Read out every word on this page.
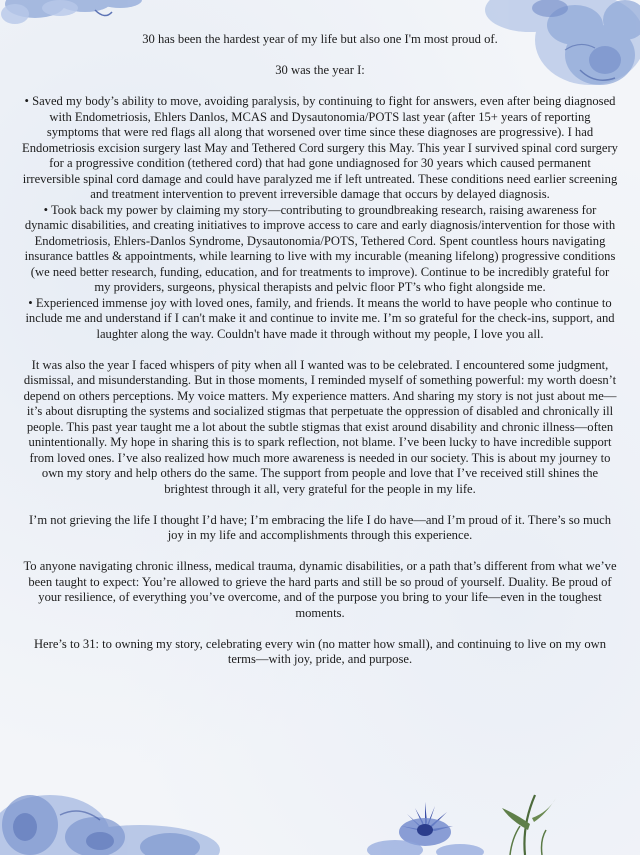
30 has been the hardest year of my life but also one I'm most proud of.

30 was the year I:

• Saved my body’s ability to move, avoiding paralysis, by continuing to fight for answers, even after being diagnosed with Endometriosis, Ehlers Danlos, MCAS and Dysautonomia/POTS last year (after 15+ years of reporting symptoms that were red flags all along that worsened over time since these diagnoses are progressive). I had Endometriosis excision surgery last May and Tethered Cord surgery this May. This year I survived spinal cord surgery for a progressive condition (tethered cord) that had gone undiagnosed for 30 years which caused permanent irreversible spinal cord damage and could have paralyzed me if left untreated. These conditions need earlier screening and treatment intervention to prevent irreversible damage that occurs by delayed diagnosis.

• Took back my power by claiming my story—contributing to groundbreaking research, raising awareness for dynamic disabilities, and creating initiatives to improve access to care and early diagnosis/intervention for those with Endometriosis, Ehlers-Danlos Syndrome, Dysautonomia/POTS, Tethered Cord. Spent countless hours navigating insurance battles & appointments, while learning to live with my incurable (meaning lifelong) progressive conditions (we need better research, funding, education, and for treatments to improve). Continue to be incredibly grateful for my providers, surgeons, physical therapists and pelvic floor PT’s who fight alongside me.

• Experienced immense joy with loved ones, family, and friends. It means the world to have people who continue to include me and understand if I can't make it and continue to invite me. I’m so grateful for the check-ins, support, and laughter along the way. Couldn't have made it through without my people, I love you all.

It was also the year I faced whispers of pity when all I wanted was to be celebrated. I encountered some judgment, dismissal, and misunderstanding. But in those moments, I reminded myself of something powerful: my worth doesn’t depend on others perceptions. My voice matters. My experience matters. And sharing my story is not just about me—it’s about disrupting the systems and socialized stigmas that perpetuate the oppression of disabled and chronically ill people. This past year taught me a lot about the subtle stigmas that exist around disability and chronic illness—often unintentionally. My hope in sharing this is to spark reflection, not blame. I’ve been lucky to have incredible support from loved ones. I’ve also realized how much more awareness is needed in our society. This is about my journey to own my story and help others do the same. The support from people and love that I’ve received still shines the brightest through it all, very grateful for the people in my life.

I’m not grieving the life I thought I’d have; I’m embracing the life I do have—and I’m proud of it. There’s so much joy in my life and accomplishments through this experience.

To anyone navigating chronic illness, medical trauma, dynamic disabilities, or a path that’s different from what we’ve been taught to expect: You’re allowed to grieve the hard parts and still be so proud of yourself. Duality. Be proud of your resilience, of everything you’ve overcome, and of the purpose you bring to your life—even in the toughest moments.

Here’s to 31: to owning my story, celebrating every win (no matter how small), and continuing to live on my own terms—with joy, pride, and purpose.
